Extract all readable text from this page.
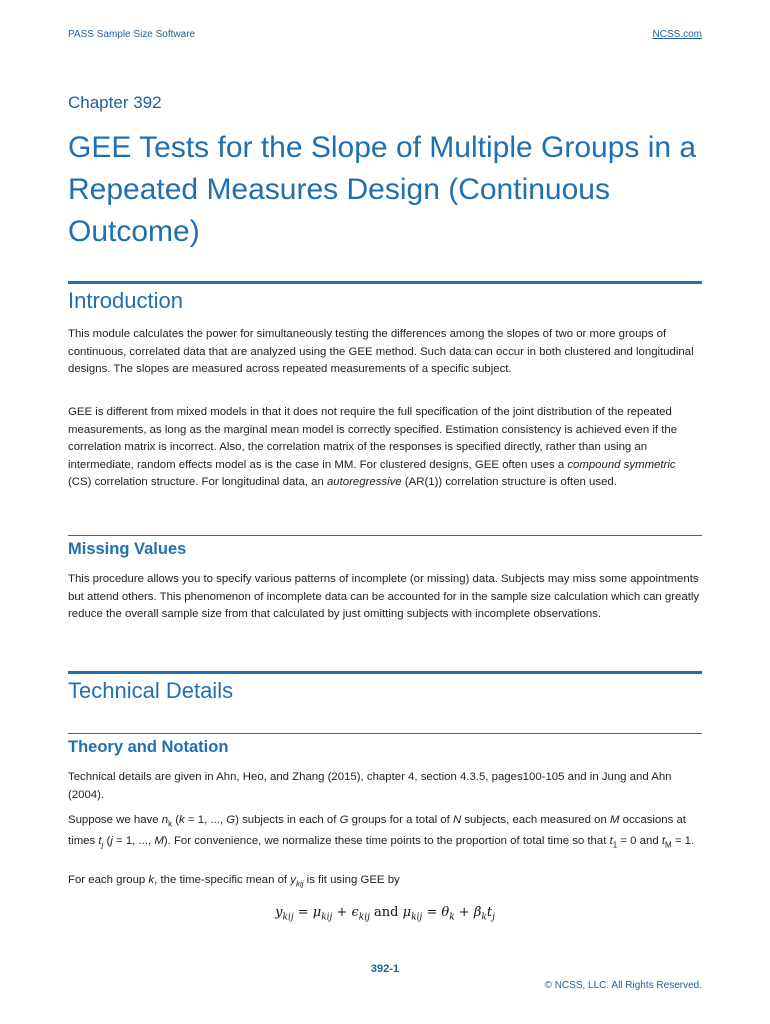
PASS Sample Size Software	NCSS.com
Chapter 392
GEE Tests for the Slope of Multiple Groups in a Repeated Measures Design (Continuous Outcome)
Introduction
This module calculates the power for simultaneously testing the differences among the slopes of two or more groups of continuous, correlated data that are analyzed using the GEE method. Such data can occur in both clustered and longitudinal designs. The slopes are measured across repeated measurements of a specific subject.
GEE is different from mixed models in that it does not require the full specification of the joint distribution of the repeated measurements, as long as the marginal mean model is correctly specified. Estimation consistency is achieved even if the correlation matrix is incorrect. Also, the correlation matrix of the responses is specified directly, rather than using an intermediate, random effects model as is the case in MM. For clustered designs, GEE often uses a compound symmetric (CS) correlation structure. For longitudinal data, an autoregressive (AR(1)) correlation structure is often used.
Missing Values
This procedure allows you to specify various patterns of incomplete (or missing) data. Subjects may miss some appointments but attend others. This phenomenon of incomplete data can be accounted for in the sample size calculation which can greatly reduce the overall sample size from that calculated by just omitting subjects with incomplete observations.
Technical Details
Theory and Notation
Technical details are given in Ahn, Heo, and Zhang (2015), chapter 4, section 4.3.5, pages100-105 and in Jung and Ahn (2004).
Suppose we have $n_k$ (k = 1, ..., G) subjects in each of G groups for a total of N subjects, each measured on M occasions at times $t_j$ (j = 1, ..., M). For convenience, we normalize these time points to the proportion of total time so that $t_1 = 0$ and $t_M = 1$.
For each group k, the time-specific mean of $y_{kij}$ is fit using GEE by
$y_{kij} = \mu_{kij} + \epsilon_{kij}$ and $\mu_{kij} = \theta_k + \beta_kt_j$
392-1
© NCSS, LLC. All Rights Reserved.
